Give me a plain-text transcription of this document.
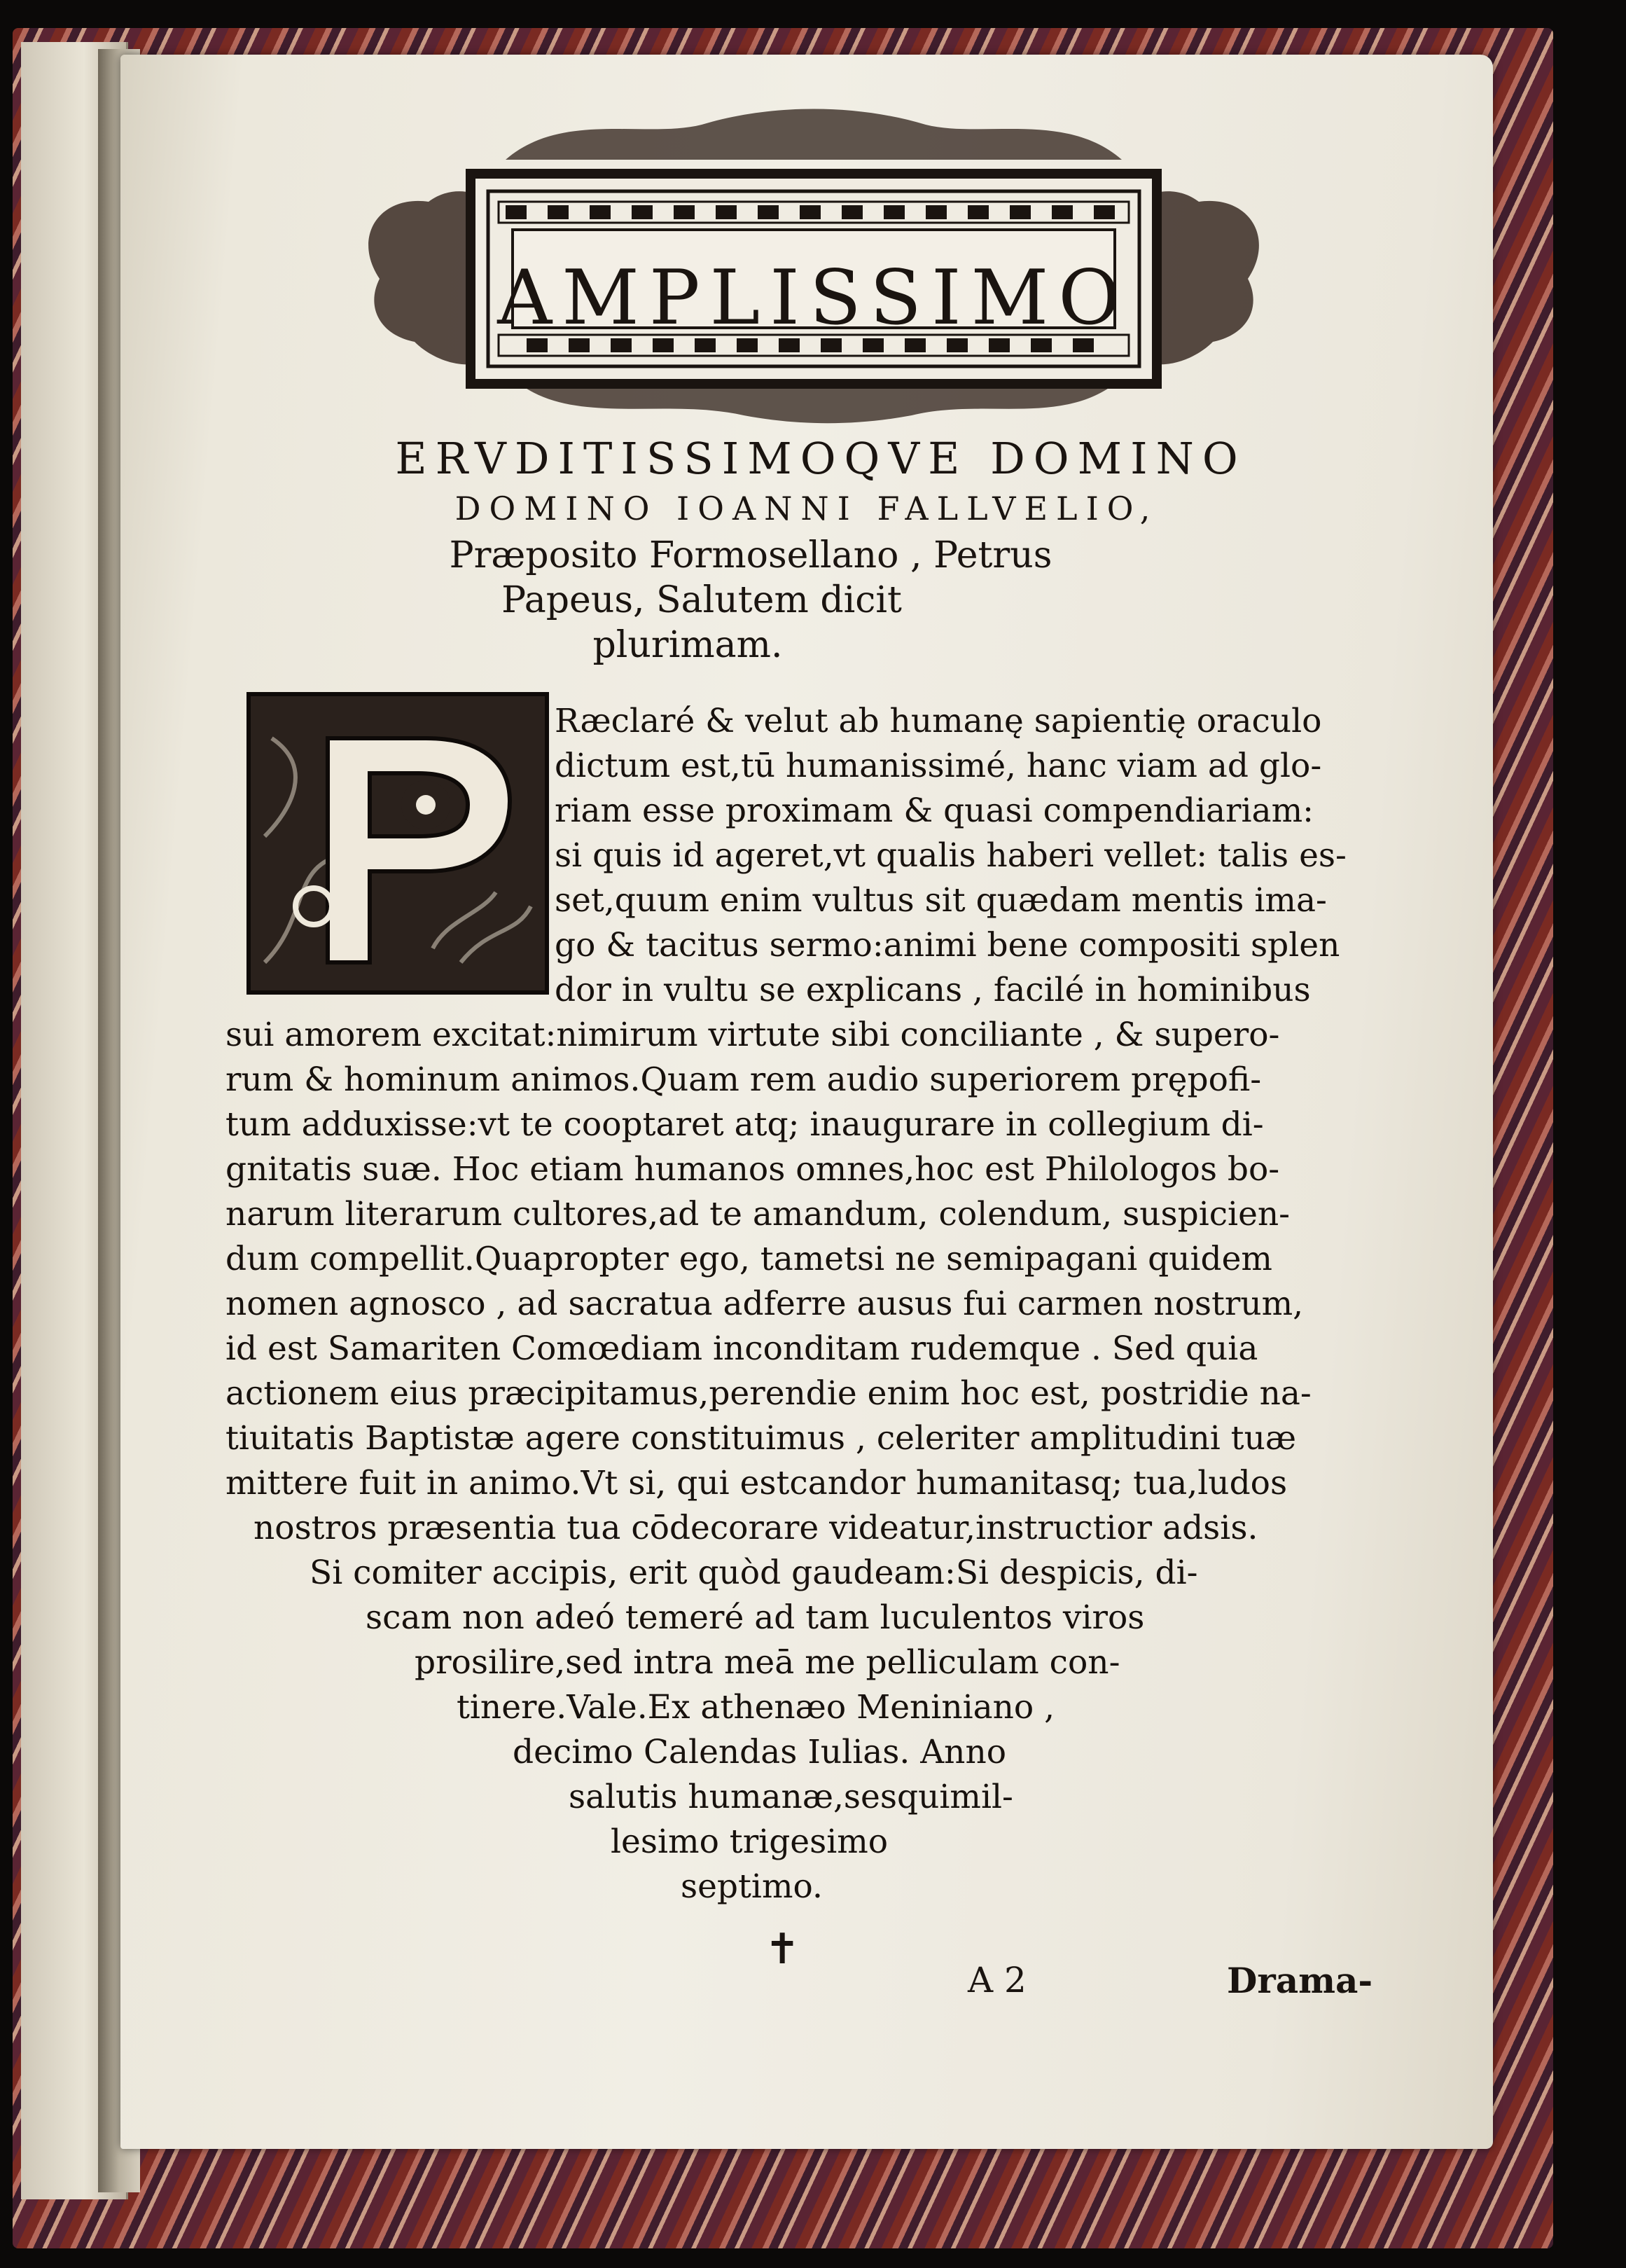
AMPLISSIMO
ERVDITISSIMOQVE DOMINO
DOMINO IOANNI FALLVELIO,
Præposito Formosellano , Petrus
Papeus, Salutem dicit
plurimam.
Ræclaré & velut ab humanę sapientię oraculo
dictum est,tū humanissimé, hanc viam ad glo-
riam esse proximam & quasi compendiariam:
si quis id ageret,vt qualis haberi vellet: talis es-
set,quum enim vultus sit quædam mentis ima-
go & tacitus sermo:animi bene compositi splen
dor in vultu se explicans , facilé in hominibus
sui amorem excitat:nimirum virtute sibi conciliante , & supero-
rum & hominum animos.Quam rem audio superiorem prępofi-
tum adduxisse:vt te cooptaret atq; inaugurare in collegium di-
gnitatis suæ. Hoc etiam humanos omnes,hoc est Philologos bo-
narum literarum cultores,ad te amandum, colendum, suspicien-
dum compellit.Quapropter ego, tametsi ne semipagani quidem
nomen agnosco , ad sacratua adferre ausus fui carmen nostrum,
id est Samariten Comœdiam inconditam rudemque . Sed quia
actionem eius præcipitamus,perendie enim hoc est, postridie na-
tiuitatis Baptistæ agere constituimus , celeriter amplitudini tuæ
mittere fuit in animo.Vt si, qui estcandor humanitasq; tua,ludos
nostros præsentia tua cōdecorare videatur,instructior adsis.
Si comiter accipis, erit quòd gaudeam:Si despicis, di-
scam non adeó temeré ad tam luculentos viros
prosilire,sed intra meā me pelliculam con-
tinere.Vale.Ex athenæo Meniniano ,
decimo Calendas Iulias. Anno
salutis humanæ,sesquimil-
lesimo trigesimo
septimo.
✝
A 2	Drama-
